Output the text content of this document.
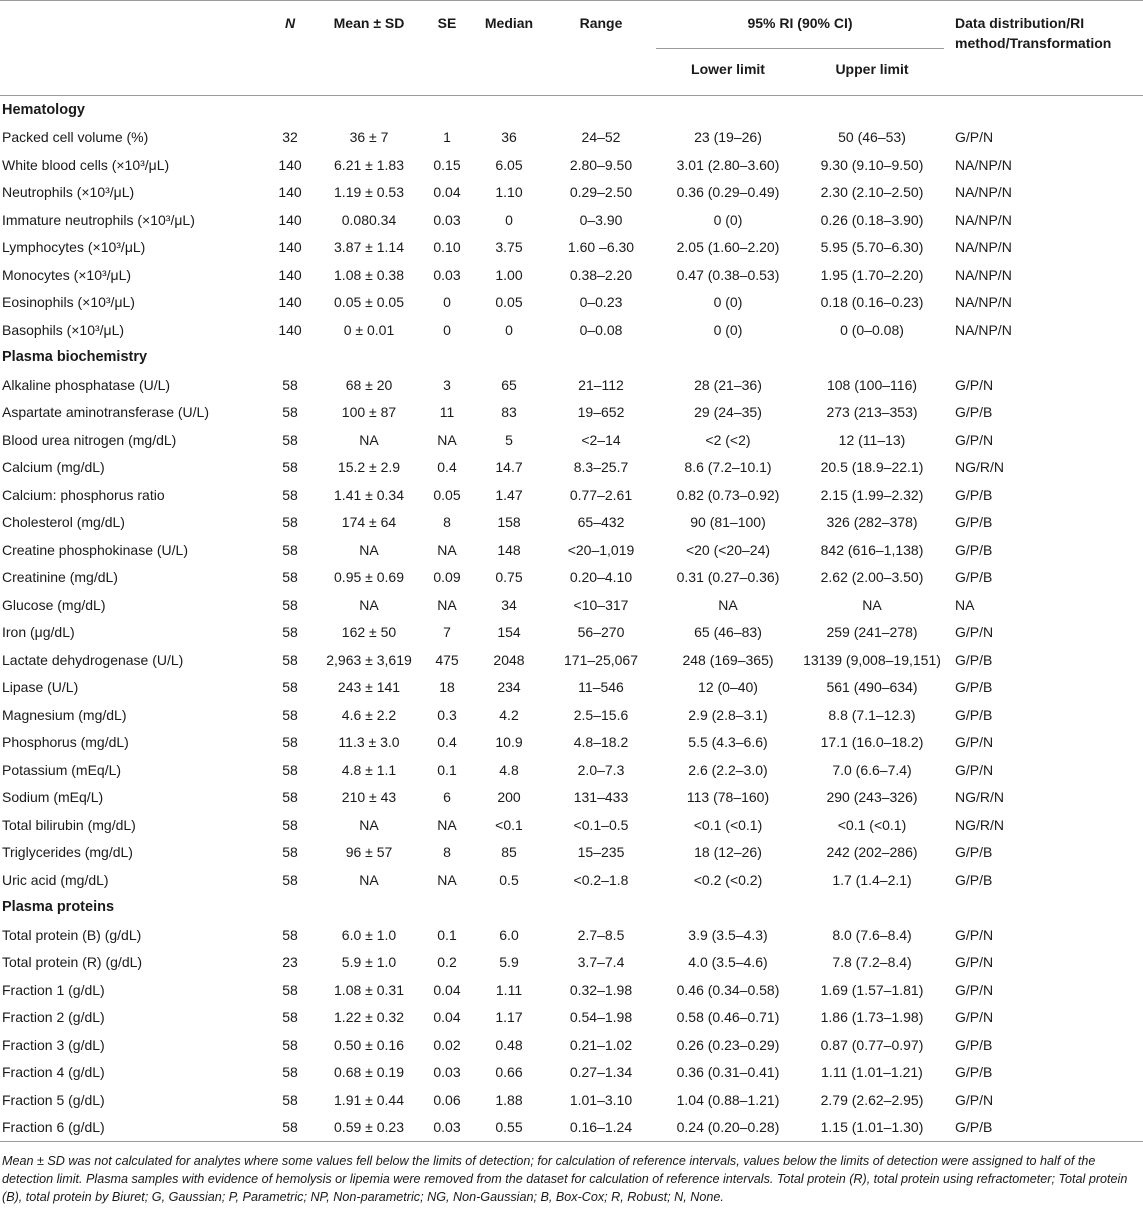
	N	Mean ± SD	SE	Median	Range	95% RI (90% CI)		Data distribution/RI method/Transformation
						Lower limit	Upper limit	
Hematology								
Packed cell volume (%)	32	36 ± 7	1	36	24–52	23 (19–26)	50 (46–53)	G/P/N
White blood cells (×10³/μL)	140	6.21 ± 1.83	0.15	6.05	2.80–9.50	3.01 (2.80–3.60)	9.30 (9.10–9.50)	NA/NP/N
Neutrophils (×10³/μL)	140	1.19 ± 0.53	0.04	1.10	0.29–2.50	0.36 (0.29–0.49)	2.30 (2.10–2.50)	NA/NP/N
Immature neutrophils (×10³/μL)	140	0.080.34	0.03	0	0–3.90	0 (0)	0.26 (0.18–3.90)	NA/NP/N
Lymphocytes (×10³/μL)	140	3.87 ± 1.14	0.10	3.75	1.60 –6.30	2.05 (1.60–2.20)	5.95 (5.70–6.30)	NA/NP/N
Monocytes (×10³/μL)	140	1.08 ± 0.38	0.03	1.00	0.38–2.20	0.47 (0.38–0.53)	1.95 (1.70–2.20)	NA/NP/N
Eosinophils (×10³/μL)	140	0.05 ± 0.05	0	0.05	0–0.23	0 (0)	0.18 (0.16–0.23)	NA/NP/N
Basophils (×10³/μL)	140	0 ± 0.01	0	0	0–0.08	0 (0)	0 (0–0.08)	NA/NP/N
Plasma biochemistry								
Alkaline phosphatase (U/L)	58	68 ± 20	3	65	21–112	28 (21–36)	108 (100–116)	G/P/N
Aspartate aminotransferase (U/L)	58	100 ± 87	11	83	19–652	29 (24–35)	273 (213–353)	G/P/B
Blood urea nitrogen (mg/dL)	58	NA	NA	5	<2–14	<2 (<2)	12 (11–13)	G/P/N
Calcium (mg/dL)	58	15.2 ± 2.9	0.4	14.7	8.3–25.7	8.6 (7.2–10.1)	20.5 (18.9–22.1)	NG/R/N
Calcium: phosphorus ratio	58	1.41 ± 0.34	0.05	1.47	0.77–2.61	0.82 (0.73–0.92)	2.15 (1.99–2.32)	G/P/B
Cholesterol (mg/dL)	58	174 ± 64	8	158	65–432	90 (81–100)	326 (282–378)	G/P/B
Creatine phosphokinase (U/L)	58	NA	NA	148	<20–1,019	<20 (<20–24)	842 (616–1,138)	G/P/B
Creatinine (mg/dL)	58	0.95 ± 0.69	0.09	0.75	0.20–4.10	0.31 (0.27–0.36)	2.62 (2.00–3.50)	G/P/B
Glucose (mg/dL)	58	NA	NA	34	<10–317	NA	NA	NA
Iron (μg/dL)	58	162 ± 50	7	154	56–270	65 (46–83)	259 (241–278)	G/P/N
Lactate dehydrogenase (U/L)	58	2,963 ± 3,619	475	2048	171–25,067	248 (169–365)	13139 (9,008–19,151)	G/P/B
Lipase (U/L)	58	243 ± 141	18	234	11–546	12 (0–40)	561 (490–634)	G/P/B
Magnesium (mg/dL)	58	4.6 ± 2.2	0.3	4.2	2.5–15.6	2.9 (2.8–3.1)	8.8 (7.1–12.3)	G/P/B
Phosphorus (mg/dL)	58	11.3 ± 3.0	0.4	10.9	4.8–18.2	5.5 (4.3–6.6)	17.1 (16.0–18.2)	G/P/N
Potassium (mEq/L)	58	4.8 ± 1.1	0.1	4.8	2.0–7.3	2.6 (2.2–3.0)	7.0 (6.6–7.4)	G/P/N
Sodium (mEq/L)	58	210 ± 43	6	200	131–433	113 (78–160)	290 (243–326)	NG/R/N
Total bilirubin (mg/dL)	58	NA	NA	<0.1	<0.1–0.5	<0.1 (<0.1)	<0.1 (<0.1)	NG/R/N
Triglycerides (mg/dL)	58	96 ± 57	8	85	15–235	18 (12–26)	242 (202–286)	G/P/B
Uric acid (mg/dL)	58	NA	NA	0.5	<0.2–1.8	<0.2 (<0.2)	1.7 (1.4–2.1)	G/P/B
Plasma proteins								
Total protein (B) (g/dL)	58	6.0 ± 1.0	0.1	6.0	2.7–8.5	3.9 (3.5–4.3)	8.0 (7.6–8.4)	G/P/N
Total protein (R) (g/dL)	23	5.9 ± 1.0	0.2	5.9	3.7–7.4	4.0 (3.5–4.6)	7.8 (7.2–8.4)	G/P/N
Fraction 1 (g/dL)	58	1.08 ± 0.31	0.04	1.11	0.32–1.98	0.46 (0.34–0.58)	1.69 (1.57–1.81)	G/P/N
Fraction 2 (g/dL)	58	1.22 ± 0.32	0.04	1.17	0.54–1.98	0.58 (0.46–0.71)	1.86 (1.73–1.98)	G/P/N
Fraction 3 (g/dL)	58	0.50 ± 0.16	0.02	0.48	0.21–1.02	0.26 (0.23–0.29)	0.87 (0.77–0.97)	G/P/B
Fraction 4 (g/dL)	58	0.68 ± 0.19	0.03	0.66	0.27–1.34	0.36 (0.31–0.41)	1.11 (1.01–1.21)	G/P/B
Fraction 5 (g/dL)	58	1.91 ± 0.44	0.06	1.88	1.01–3.10	1.04 (0.88–1.21)	2.79 (2.62–2.95)	G/P/N
Fraction 6 (g/dL)	58	0.59 ± 0.23	0.03	0.55	0.16–1.24	0.24 (0.20–0.28)	1.15 (1.01–1.30)	G/P/B
Mean ± SD was not calculated for analytes where some values fell below the limits of detection; for calculation of reference intervals, values below the limits of detection were assigned to half of the detection limit. Plasma samples with evidence of hemolysis or lipemia were removed from the dataset for calculation of reference intervals. Total protein (R), total protein using refractometer; Total protein (B), total protein by Biuret; G, Gaussian; P, Parametric; NP, Non-parametric; NG, Non-Gaussian; B, Box-Cox; R, Robust; N, None.
